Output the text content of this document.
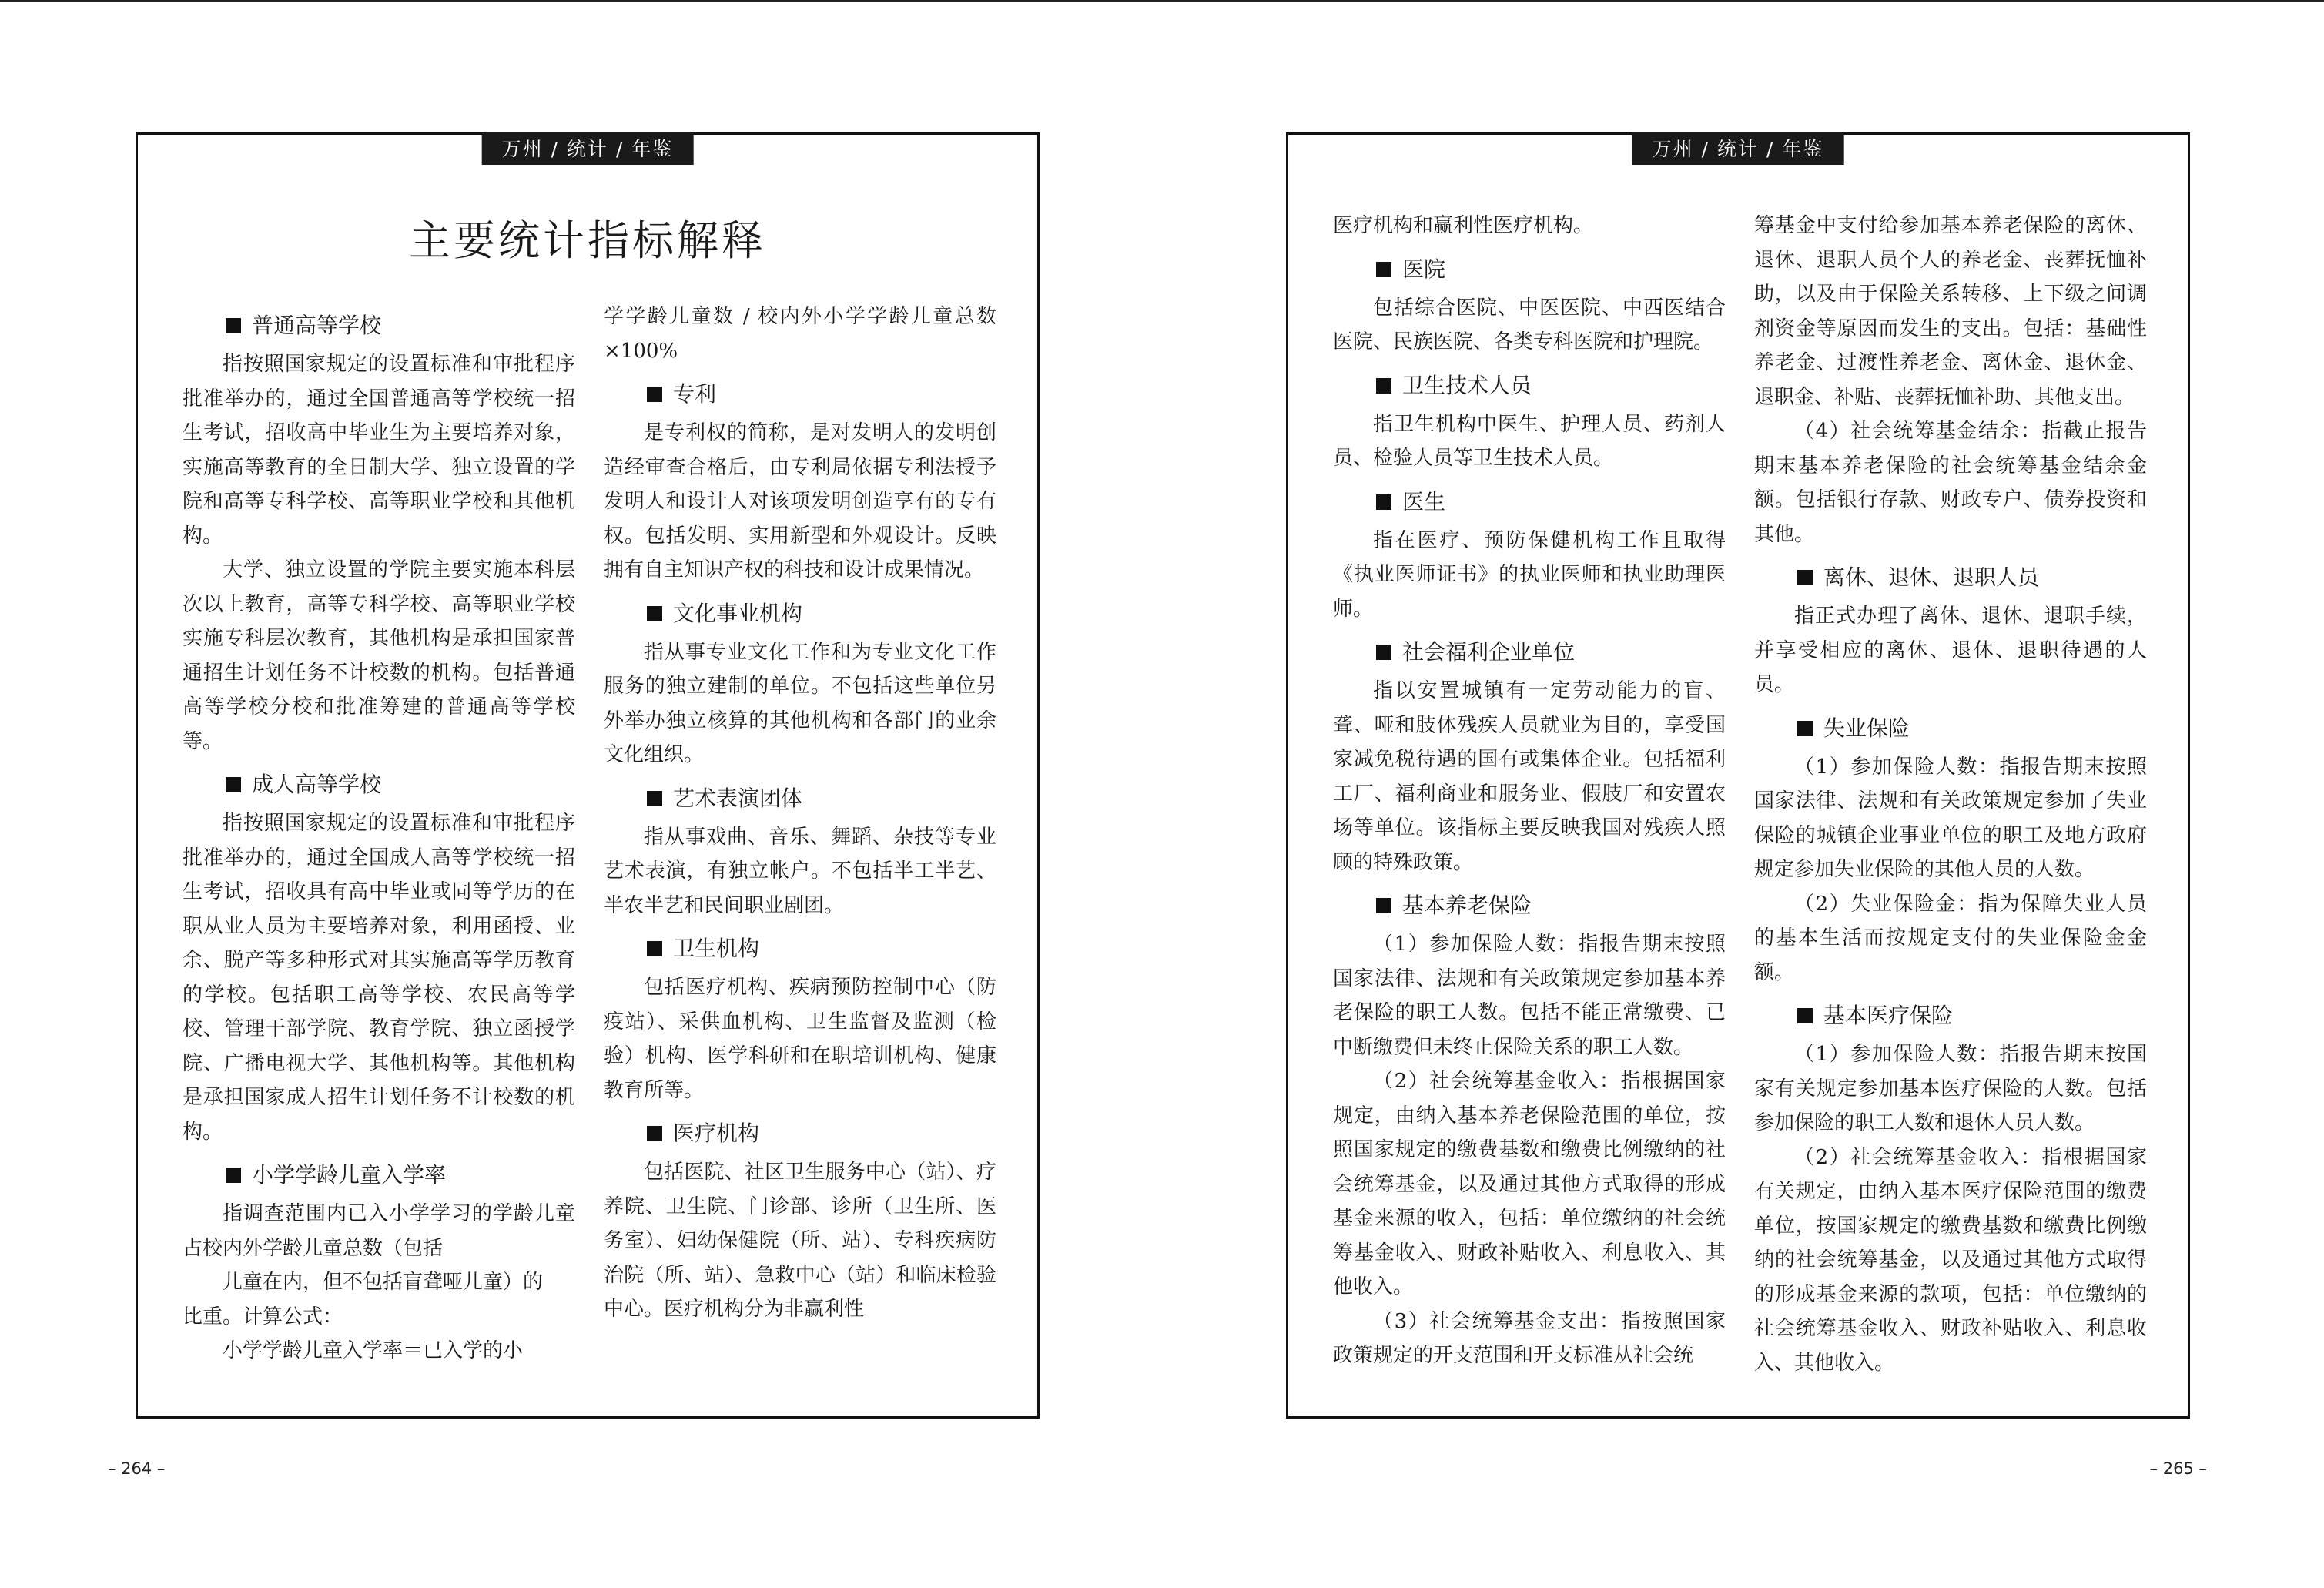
万州 / 统计 / 年鉴
主要统计指标解释
普通高等学校

指按照国家规定的设置标准和审批程序批准举办的，通过全国普通高等学校统一招生考试，招收高中毕业生为主要培养对象，实施高等教育的全日制大学、独立设置的学院和高等专科学校、高等职业学校和其他机构。

大学、独立设置的学院主要实施本科层次以上教育，高等专科学校、高等职业学校实施专科层次教育，其他机构是承担国家普通招生计划任务不计校数的机构。包括普通高等学校分校和批准筹建的普通高等学校等。

成人高等学校

指按照国家规定的设置标准和审批程序批准举办的，通过全国成人高等学校统一招生考试，招收具有高中毕业或同等学历的在职从业人员为主要培养对象，利用函授、业余、脱产等多种形式对其实施高等学历教育的学校。包括职工高等学校、农民高等学校、管理干部学院、教育学院、独立函授学院、广播电视大学、其他机构等。其他机构是承担国家成人招生计划任务不计校数的机构。

小学学龄儿童入学率

指调查范围内已入小学学习的学龄儿童占校内外学龄儿童总数（包括

儿童在内，但不包括盲聋哑儿童）的

比重。计算公式：

小学学龄儿童入学率＝已入学的小

学学龄儿童数 / 校内外小学学龄儿童总数×100%

专利

是专利权的简称，是对发明人的发明创造经审查合格后，由专利局依据专利法授予发明人和设计人对该项发明创造享有的专有权。包括发明、实用新型和外观设计。反映拥有自主知识产权的科技和设计成果情况。

文化事业机构

指从事专业文化工作和为专业文化工作服务的独立建制的单位。不包括这些单位另外举办独立核算的其他机构和各部门的业余文化组织。

艺术表演团体

指从事戏曲、音乐、舞蹈、杂技等专业艺术表演，有独立帐户。不包括半工半艺、半农半艺和民间职业剧团。

卫生机构

包括医疗机构、疾病预防控制中心（防疫站）、采供血机构、卫生监督及监测（检验）机构、医学科研和在职培训机构、健康教育所等。

医疗机构

包括医院、社区卫生服务中心（站）、疗养院、卫生院、门诊部、诊所（卫生所、医务室）、妇幼保健院（所、站）、专科疾病防治院（所、站）、急救中心（站）和临床检验中心。医疗机构分为非赢利性

万州 / 统计 / 年鉴

医疗机构和赢利性医疗机构。

医院

包括综合医院、中医医院、中西医结合医院、民族医院、各类专科医院和护理院。

卫生技术人员

指卫生机构中医生、护理人员、药剂人员、检验人员等卫生技术人员。

医生

指在医疗、预防保健机构工作且取得《执业医师证书》的执业医师和执业助理医师。

社会福利企业单位

指以安置城镇有一定劳动能力的盲、聋、哑和肢体残疾人员就业为目的，享受国家减免税待遇的国有或集体企业。包括福利工厂、福利商业和服务业、假肢厂和安置农场等单位。该指标主要反映我国对残疾人照顾的特殊政策。

基本养老保险

（1）参加保险人数：指报告期末按照国家法律、法规和有关政策规定参加基本养老保险的职工人数。包括不能正常缴费、已中断缴费但未终止保险关系的职工人数。

（2）社会统筹基金收入：指根据国家规定，由纳入基本养老保险范围的单位，按照国家规定的缴费基数和缴费比例缴纳的社会统筹基金，以及通过其他方式取得的形成基金来源的收入，包括：单位缴纳的社会统筹基金收入、财政补贴收入、利息收入、其他收入。

（3）社会统筹基金支出：指按照国家政策规定的开支范围和开支标准从社会统

筹基金中支付给参加基本养老保险的离休、退休、退职人员个人的养老金、丧葬抚恤补助，以及由于保险关系转移、上下级之间调剂资金等原因而发生的支出。包括：基础性养老金、过渡性养老金、离休金、退休金、退职金、补贴、丧葬抚恤补助、其他支出。

（4）社会统筹基金结余：指截止报告期末基本养老保险的社会统筹基金结余金额。包括银行存款、财政专户、债券投资和其他。

离休、退休、退职人员

指正式办理了离休、退休、退职手续，并享受相应的离休、退休、退职待遇的人员。

失业保险

（1）参加保险人数：指报告期末按照国家法律、法规和有关政策规定参加了失业保险的城镇企业事业单位的职工及地方政府规定参加失业保险的其他人员的人数。

（2）失业保险金：指为保障失业人员的基本生活而按规定支付的失业保险金金额。

基本医疗保险

（1）参加保险人数：指报告期末按国家有关规定参加基本医疗保险的人数。包括参加保险的职工人数和退休人员人数。

（2）社会统筹基金收入：指根据国家有关规定，由纳入基本医疗保险范围的缴费单位，按国家规定的缴费基数和缴费比例缴纳的社会统筹基金，以及通过其他方式取得的形成基金来源的款项，包括：单位缴纳的社会统筹基金收入、财政补贴收入、利息收入、其他收入。

– 264 –	– 265 –
